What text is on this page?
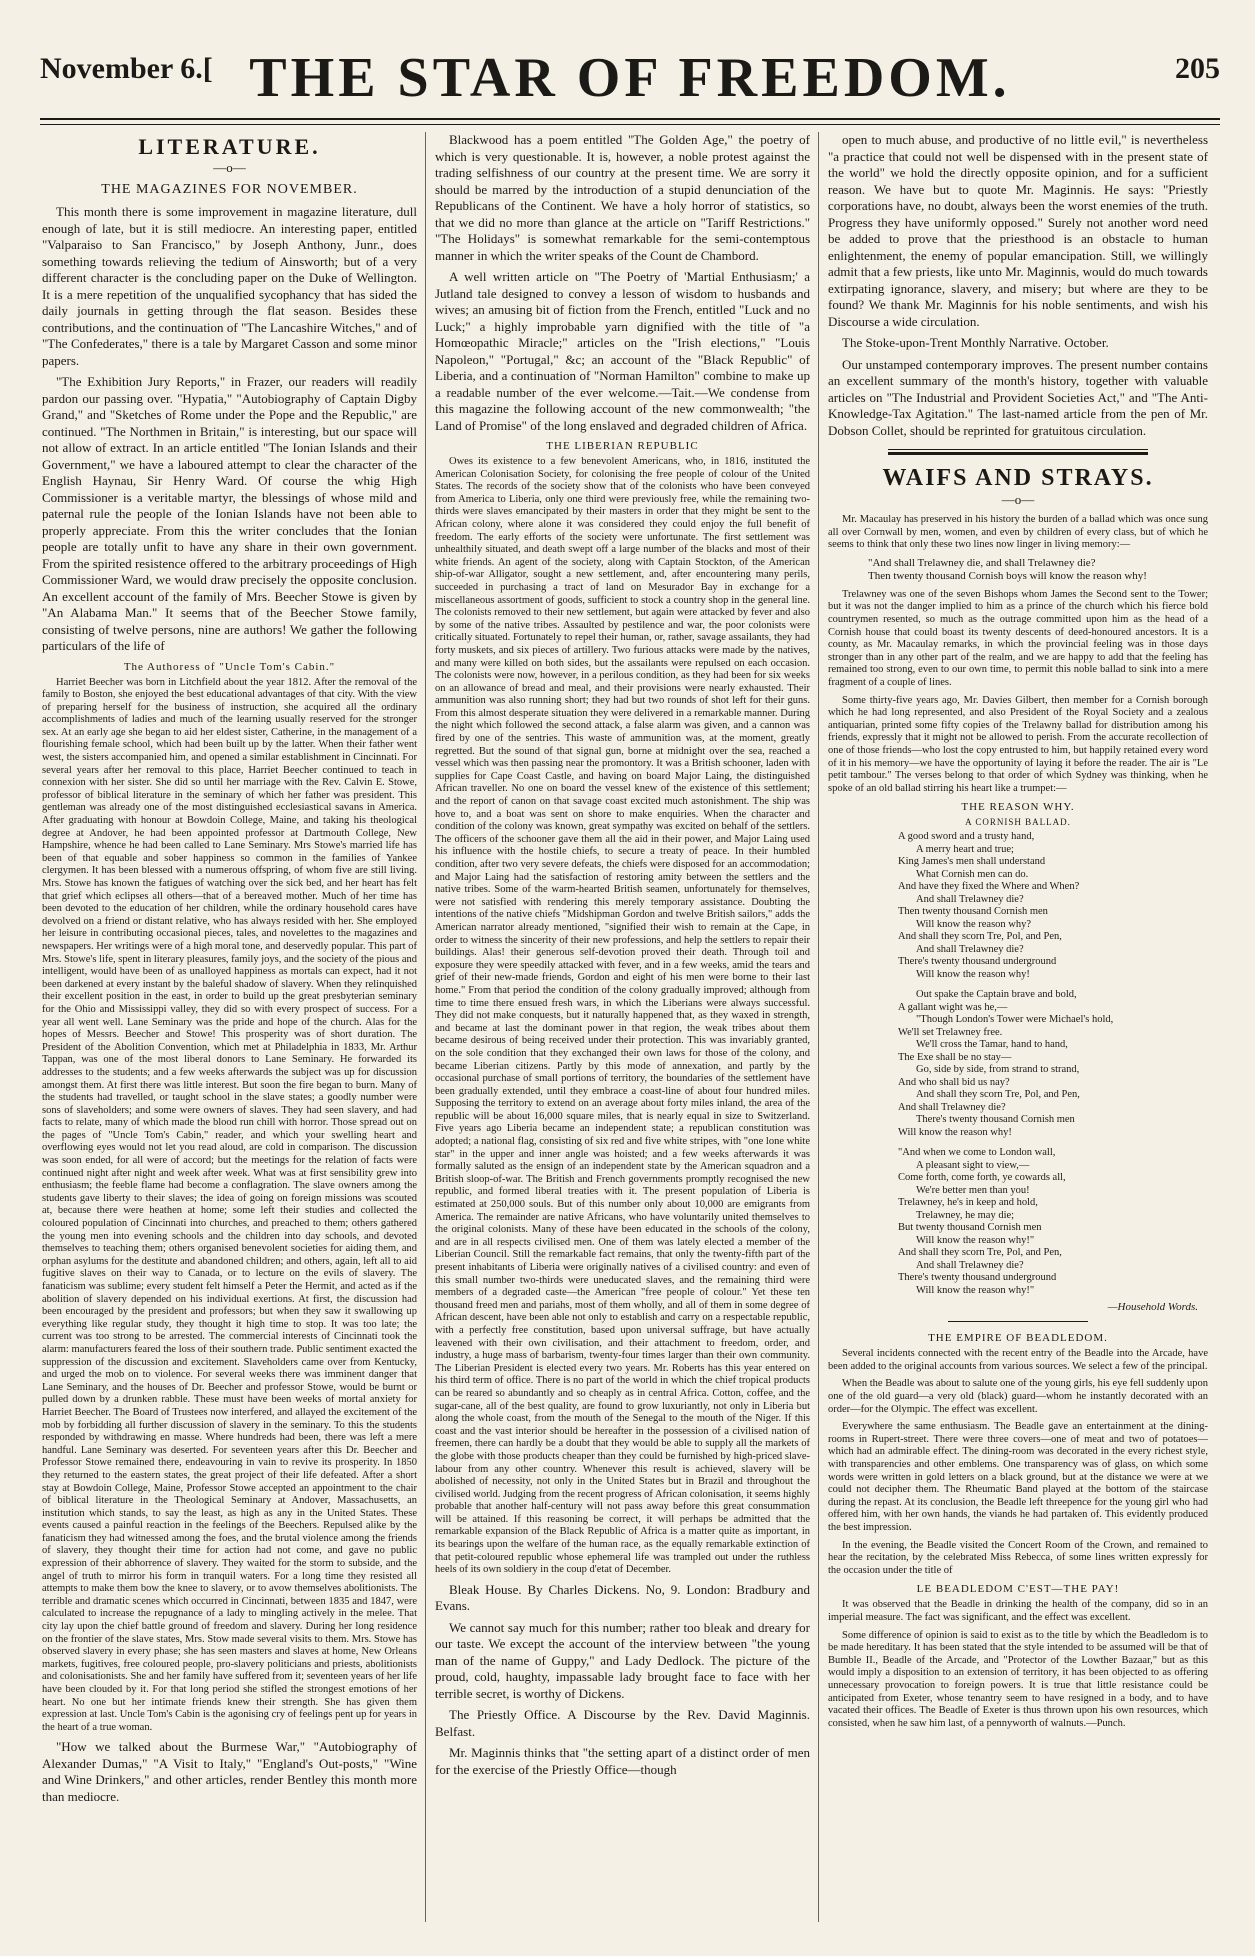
November 6.[ THE STAR OF FREEDOM.	205
LITERATURE.
—o—
THE MAGAZINES FOR NOVEMBER.

This month there is some improvement in magazine literature, dull enough of late, but it is still mediocre. An interesting paper, entitled "Valparaiso to San Francisco," by Joseph Anthony, Junr., does something towards relieving the tedium of Ainsworth; but of a very different character is the concluding paper on the Duke of Wellington. It is a mere repetition of the unqualified sycophancy that has sided the daily journals in getting through the flat season. Besides these contributions, and the continuation of "The Lancashire Witches," and of "The Confederates," there is a tale by Margaret Casson and some minor papers.

"The Exhibition Jury Reports," in Frazer, our readers will readily pardon our passing over. "Hypatia," "Autobiography of Captain Digby Grand," and "Sketches of Rome under the Pope and the Republic," are continued. "The Northmen in Britain," is interesting, but our space will not allow of extract. In an article entitled "The Ionian Islands and their Government," we have a laboured attempt to clear the character of the English Haynau, Sir Henry Ward. Of course the whig High Commissioner is a veritable martyr, the blessings of whose mild and paternal rule the people of the Ionian Islands have not been able to properly appreciate. From this the writer concludes that the Ionian people are totally unfit to have any share in their own government. From the spirited resistence offered to the arbitrary proceedings of High Commissioner Ward, we would draw precisely the opposite conclusion. An excellent account of the family of Mrs. Beecher Stowe is given by "An Alabama Man." It seems that of the Beecher Stowe family, consisting of twelve persons, nine are authors! We gather the following particulars of the life of

The Authoress of "Uncle Tom's Cabin."

Harriet Beecher was born in Litchfield about the year 1812. After the removal of the family to Boston, she enjoyed the best educational advantages of that city. With the view of preparing herself for the business of instruction, she acquired all the ordinary accomplishments of ladies and much of the learning usually reserved for the stronger sex. At an early age she began to aid her eldest sister, Catherine, in the management of a flourishing female school, which had been built up by the latter. When their father went west, the sisters accompanied him, and opened a similar establishment in Cincinnati. For several years after her removal to this place, Harriet Beecher continued to teach in connexion with her sister. She did so until her marriage with the Rev. Calvin E. Stowe, professor of biblical literature in the seminary of which her father was president. This gentleman was already one of the most distinguished ecclesiastical savans in America. After graduating with honour at Bowdoin College, Maine, and taking his theological degree at Andover, he had been appointed professor at Dartmouth College, New Hampshire, whence he had been called to Lane Seminary. Mrs Stowe's married life has been of that equable and sober happiness so common in the families of Yankee clergymen. It has been blessed with a numerous offspring, of whom five are still living. Mrs. Stowe has known the fatigues of watching over the sick bed, and her heart has felt that grief which eclipses all others—that of a bereaved mother. Much of her time has been devoted to the education of her children, while the ordinary household cares have devolved on a friend or distant relative, who has always resided with her. She employed her leisure in contributing occasional pieces, tales, and novelettes to the magazines and newspapers. Her writings were of a high moral tone, and deservedly popular. This part of Mrs. Stowe's life, spent in literary pleasures, family joys, and the society of the pious and intelligent, would have been of as unalloyed happiness as mortals can expect, had it not been darkened at every instant by the baleful shadow of slavery. When they relinquished their excellent position in the east, in order to build up the great presbyterian seminary for the Ohio and Mississippi valley, they did so with every prospect of success. For a year all went well. Lane Seminary was the pride and hope of the church. Alas for the hopes of Messrs. Beecher and Stowe! This prosperity was of short duration. The President of the Abolition Convention, which met at Philadelphia in 1833, Mr. Arthur Tappan, was one of the most liberal donors to Lane Seminary. He forwarded its addresses to the students; and a few weeks afterwards the subject was up for discussion amongst them. At first there was little interest. But soon the fire began to burn. Many of the students had travelled, or taught school in the slave states; a goodly number were sons of slaveholders; and some were owners of slaves. They had seen slavery, and had facts to relate, many of which made the blood run chill with horror. Those spread out on the pages of "Uncle Tom's Cabin," reader, and which your swelling heart and overflowing eyes would not let you read aloud, are cold in comparison. The discussion was soon ended, for all were of accord; but the meetings for the relation of facts were continued night after night and week after week. What was at first sensibility grew into enthusiasm; the feeble flame had become a conflagration. The slave owners among the students gave liberty to their slaves; the idea of going on foreign missions was scouted at, because there were heathen at home; some left their studies and collected the coloured population of Cincinnati into churches, and preached to them; others gathered the young men into evening schools and the children into day schools, and devoted themselves to teaching them; others organised benevolent societies for aiding them, and orphan asylums for the destitute and abandoned children; and others, again, left all to aid fugitive slaves on their way to Canada, or to lecture on the evils of slavery. The fanaticism was sublime; every student felt himself a Peter the Hermit, and acted as if the abolition of slavery depended on his individual exertions. At first, the discussion had been encouraged by the president and professors; but when they saw it swallowing up everything like regular study, they thought it high time to stop. It was too late; the current was too strong to be arrested. The commercial interests of Cincinnati took the alarm: manufacturers feared the loss of their southern trade. Public sentiment exacted the suppression of the discussion and excitement. Slaveholders came over from Kentucky, and urged the mob on to violence. For several weeks there was imminent danger that Lane Seminary, and the houses of Dr. Beecher and professor Stowe, would be burnt or pulled down by a drunken rabble. These must have been weeks of mortal anxiety for Harriet Beecher. The Board of Trustees now interfered, and allayed the excitement of the mob by forbidding all further discussion of slavery in the seminary. To this the students responded by withdrawing en masse. Where hundreds had been, there was left a mere handful. Lane Seminary was deserted. For seventeen years after this Dr. Beecher and Professor Stowe remained there, endeavouring in vain to revive its prosperity. In 1850 they returned to the eastern states, the great project of their life defeated. After a short stay at Bowdoin College, Maine, Professor Stowe accepted an appointment to the chair of biblical literature in the Theological Seminary at Andover, Massachusetts, an institution which stands, to say the least, as high as any in the United States. These events caused a painful reaction in the feelings of the Beechers. Repulsed alike by the fanaticism they had witnessed among the foes, and the brutal violence among the friends of slavery, they thought their time for action had not come, and gave no public expression of their abhorrence of slavery. They waited for the storm to subside, and the angel of truth to mirror his form in tranquil waters. For a long time they resisted all attempts to make them bow the knee to slavery, or to avow themselves abolitionists. The terrible and dramatic scenes which occurred in Cincinnati, between 1835 and 1847, were calculated to increase the repugnance of a lady to mingling actively in the melee. That city lay upon the chief battle ground of freedom and slavery. During her long residence on the frontier of the slave states, Mrs. Stow made several visits to them. Mrs. Stowe has observed slavery in every phase; she has seen masters and slaves at home, New Orleans markets, fugitives, free coloured people, pro-slavery politicians and priests, abolitionists and colonisationists. She and her family have suffered from it; seventeen years of her life have been clouded by it. For that long period she stifled the strongest emotions of her heart. No one but her intimate friends knew their strength. She has given them expression at last. Uncle Tom's Cabin is the agonising cry of feelings pent up for years in the heart of a true woman.

"How we talked about the Burmese War," "Autobiography of Alexander Dumas," "A Visit to Italy," "England's Out-posts," "Wine and Wine Drinkers," and other articles, render Bentley this month more than mediocre.

Blackwood has a poem entitled "The Golden Age," the poetry of which is very questionable. It is, however, a noble protest against the trading selfishness of our country at the present time. We are sorry it should be marred by the introduction of a stupid denunciation of the Republicans of the Continent. We have a holy horror of statistics, so that we did no more than glance at the article on "Tariff Restrictions." "The Holidays" is somewhat remarkable for the semi-contemptous manner in which the writer speaks of the Count de Chambord.

A well written article on "The Poetry of 'Martial Enthusiasm;' a Jutland tale designed to convey a lesson of wisdom to husbands and wives; an amusing bit of fiction from the French, entitled "Luck and no Luck;" a highly improbable yarn dignified with the title of "a Homœopathic Miracle;" articles on the "Irish elections," "Louis Napoleon," "Portugal," &c; an account of the "Black Republic" of Liberia, and a continuation of "Norman Hamilton" combine to make up a readable number of the ever welcome.—Tait.—We condense from this magazine the following account of the new commonwealth; "the Land of Promise" of the long enslaved and degraded children of Africa.

THE LIBERIAN REPUBLIC

Owes its existence to a few benevolent Americans, who, in 1816, instituted the American Colonisation Society, for colonising the free people of colour of the United States. The records of the society show that of the colonists who have been conveyed from America to Liberia, only one third were previously free, while the remaining two-thirds were slaves emancipated by their masters in order that they might be sent to the African colony, where alone it was considered they could enjoy the full benefit of freedom. The early efforts of the society were unfortunate. The first settlement was unhealthily situated, and death swept off a large number of the blacks and most of their white friends. An agent of the society, along with Captain Stockton, of the American ship-of-war Alligator, sought a new settlement, and, after encountering many perils, succeeded in purchasing a tract of land on Mesurador Bay in exchange for a miscellaneous assortment of goods, sufficient to stock a country shop in the general line. The colonists removed to their new settlement, but again were attacked by fever and also by some of the native tribes. Assaulted by pestilence and war, the poor colonists were critically situated. Fortunately to repel their human, or, rather, savage assailants, they had forty muskets, and six pieces of artillery. Two furious attacks were made by the natives, and many were killed on both sides, but the assailants were repulsed on each occasion. The colonists were now, however, in a perilous condition, as they had been for six weeks on an allowance of bread and meal, and their provisions were nearly exhausted. Their ammunition was also running short; they had but two rounds of shot left for their guns. From this almost desperate situation they were delivered in a remarkable manner. During the night which followed the second attack, a false alarm was given, and a cannon was fired by one of the sentries. This waste of ammunition was, at the moment, greatly regretted. But the sound of that signal gun, borne at midnight over the sea, reached a vessel which was then passing near the promontory. It was a British schooner, laden with supplies for Cape Coast Castle, and having on board Major Laing, the distinguished African traveller. No one on board the vessel knew of the existence of this settlement; and the report of canon on that savage coast excited much astonishment. The ship was hove to, and a boat was sent on shore to make enquiries. When the character and condition of the colony was known, great sympathy was excited on behalf of the settlers. The officers of the schooner gave them all the aid in their power, and Major Laing used his influence with the hostile chiefs, to secure a treaty of peace. In their humbled condition, after two very severe defeats, the chiefs were disposed for an accommodation; and Major Laing had the satisfaction of restoring amity between the settlers and the native tribes. Some of the warm-hearted British seamen, unfortunately for themselves, were not satisfied with rendering this merely temporary assistance. Doubting the intentions of the native chiefs "Midshipman Gordon and twelve British sailors," adds the American narrator already mentioned, "signified their wish to remain at the Cape, in order to witness the sincerity of their new professions, and help the settlers to repair their buildings. Alas! their generous self-devotion proved their death. Through toil and exposure they were speedily attacked with fever, and in a few weeks, amid the tears and grief of their new-made friends, Gordon and eight of his men were borne to their last home." From that period the condition of the colony gradually improved; although from time to time there ensued fresh wars, in which the Liberians were always successful. They did not make conquests, but it naturally happened that, as they waxed in strength, and became at last the dominant power in that region, the weak tribes about them became desirous of being received under their protection. This was invariably granted, on the sole condition that they exchanged their own laws for those of the colony, and became Liberian citizens. Partly by this mode of annexation, and partly by the occasional purchase of small portions of territory, the boundaries of the settlement have been gradually extended, until they embrace a coast-line of about four hundred miles. Supposing the territory to extend on an average about forty miles inland, the area of the republic will be about 16,000 square miles, that is nearly equal in size to Switzerland. Five years ago Liberia became an independent state; a republican constitution was adopted; a national flag, consisting of six red and five white stripes, with "one lone white star" in the upper and inner angle was hoisted; and a few weeks afterwards it was formally saluted as the ensign of an independent state by the American squadron and a British sloop-of-war. The British and French governments promptly recognised the new republic, and formed liberal treaties with it. The present population of Liberia is estimated at 250,000 souls. But of this number only about 10,000 are emigrants from America. The remainder are native Africans, who have voluntarily united themselves to the original colonists. Many of these have been educated in the schools of the colony, and are in all respects civilised men. One of them was lately elected a member of the Liberian Council. Still the remarkable fact remains, that only the twenty-fifth part of the present inhabitants of Liberia were originally natives of a civilised country: and even of this small number two-thirds were uneducated slaves, and the remaining third were members of a degraded caste—the American "free people of colour." Yet these ten thousand freed men and pariahs, most of them wholly, and all of them in some degree of African descent, have been able not only to establish and carry on a respectable republic, with a perfectly free constitution, based upon universal suffrage, but have actually leavened with their own civilisation, and their attachment to freedom, order, and industry, a huge mass of barbarism, twenty-four times larger than their own community. The Liberian President is elected every two years. Mr. Roberts has this year entered on his third term of office. There is no part of the world in which the chief tropical products can be reared so abundantly and so cheaply as in central Africa. Cotton, coffee, and the sugar-cane, all of the best quality, are found to grow luxuriantly, not only in Liberia but along the whole coast, from the mouth of the Senegal to the mouth of the Niger. If this coast and the vast interior should be hereafter in the possession of a civilised nation of freemen, there can hardly be a doubt that they would be able to supply all the markets of the globe with those products cheaper than they could be furnished by high-priced slave-labour from any other country. Whenever this result is achieved, slavery will be abolished of necessity, not only in the United States but in Brazil and throughout the civilised world. Judging from the recent progress of African colonisation, it seems highly probable that another half-century will not pass away before this great consummation will be attained. If this reasoning be correct, it will perhaps be admitted that the remarkable expansion of the Black Republic of Africa is a matter quite as important, in its bearings upon the welfare of the human race, as the equally remarkable extinction of that petit-coloured republic whose ephemeral life was trampled out under the ruthless heels of its own soldiery in the coup d'etat of December.

Bleak House. By Charles Dickens. No, 9. London: Bradbury and Evans.

We cannot say much for this number; rather too bleak and dreary for our taste. We except the account of the interview between "the young man of the name of Guppy," and Lady Dedlock. The picture of the proud, cold, haughty, impassable lady brought face to face with her terrible secret, is worthy of Dickens.

The Priestly Office. A Discourse by the Rev. David Maginnis. Belfast.

Mr. Maginnis thinks that "the setting apart of a distinct order of men for the exercise of the Priestly Office—though

open to much abuse, and productive of no little evil," is nevertheless "a practice that could not well be dispensed with in the present state of the world" we hold the directly opposite opinion, and for a sufficient reason. We have but to quote Mr. Maginnis. He says: "Priestly corporations have, no doubt, always been the worst enemies of the truth. Progress they have uniformly opposed." Surely not another word need be added to prove that the priesthood is an obstacle to human enlightenment, the enemy of popular emancipation. Still, we willingly admit that a few priests, like unto Mr. Maginnis, would do much towards extirpating ignorance, slavery, and misery; but where are they to be found? We thank Mr. Maginnis for his noble sentiments, and wish his Discourse a wide circulation.

The Stoke-upon-Trent Monthly Narrative. October.

Our unstamped contemporary improves. The present number contains an excellent summary of the month's history, together with valuable articles on "The Industrial and Provident Societies Act," and "The Anti-Knowledge-Tax Agitation." The last-named article from the pen of Mr. Dobson Collet, should be reprinted for gratuitous circulation.

WAIFS AND STRAYS.
—o—

Mr. Macaulay has preserved in his history the burden of a ballad which was once sung all over Cornwall by men, women, and even by children of every class, but of which he seems to think that only these two lines now linger in living memory:—

"And shall Trelawney die, and shall Trelawney die?
Then twenty thousand Cornish boys will know the reason why!

Trelawney was one of the seven Bishops whom James the Second sent to the Tower; but it was not the danger implied to him as a prince of the church which his fierce bold countrymen resented, so much as the outrage committed upon him as the head of a Cornish house that could boast its twenty descents of deed-honoured ancestors. It is a county, as Mr. Macaulay remarks, in which the provincial feeling was in those days stronger than in any other part of the realm, and we are happy to add that the feeling has remained too strong, even to our own time, to permit this noble ballad to sink into a mere fragment of a couple of lines.

Some thirty-five years ago, Mr. Davies Gilbert, then member for a Cornish borough which he had long represented, and also President of the Royal Society and a zealous antiquarian, printed some fifty copies of the Trelawny ballad for distribution among his friends, expressly that it might not be allowed to perish. From the accurate recollection of one of those friends—who lost the copy entrusted to him, but happily retained every word of it in his memory—we have the opportunity of laying it before the reader. The air is "Le petit tambour." The verses belong to that order of which Sydney was thinking, when he spoke of an old ballad stirring his heart like a trumpet:—

THE REASON WHY.
A CORNISH BALLAD.
A good sword and a trusty hand,
A merry heart and true;
King James's men shall understand
What Cornish men can do.
And have they fixed the Where and When?
And shall Trelawney die?
Then twenty thousand Cornish men
Will know the reason why?
And shall they scorn Tre, Pol, and Pen,
And shall Trelawney die?
There's twenty thousand underground
Will know the reason why!
Out spake the Captain brave and bold,
A gallant wight was he,—
"Though London's Tower were Michael's hold,
We'll set Trelawney free.
We'll cross the Tamar, hand to hand,
The Exe shall be no stay—
Go, side by side, from strand to strand,
And who shall bid us nay?
And shall they scorn Tre, Pol, and Pen,
And shall Trelawney die?
There's twenty thousand Cornish men
Will know the reason why!
"And when we come to London wall,
A pleasant sight to view,—
Come forth, come forth, ye cowards all,
We're better men than you!
Trelawney, he's in keep and hold,
Trelawney, he may die;
But twenty thousand Cornish men
Will know the reason why!"
And shall they scorn Tre, Pol, and Pen,
And shall Trelawney die?
There's twenty thousand underground
Will know the reason why!"
—Household Words.
THE EMPIRE OF BEADLEDOM.

Several incidents connected with the recent entry of the Beadle into the Arcade, have been added to the original accounts from various sources. We select a few of the principal.

When the Beadle was about to salute one of the young girls, his eye fell suddenly upon one of the old guard—a very old (black) guard—whom he instantly decorated with an order—for the Olympic. The effect was excellent.

Everywhere the same enthusiasm. The Beadle gave an entertainment at the dining-rooms in Rupert-street. There were three covers—one of meat and two of potatoes—which had an admirable effect. The dining-room was decorated in the every richest style, with transparencies and other emblems. One transparency was of glass, on which some words were written in gold letters on a black ground, but at the distance we were at we could not decipher them. The Rheumatic Band played at the bottom of the staircase during the repast. At its conclusion, the Beadle left threepence for the young girl who had offered him, with her own hands, the viands he had partaken of. This evidently produced the best impression.

In the evening, the Beadle visited the Concert Room of the Crown, and remained to hear the recitation, by the celebrated Miss Rebecca, of some lines written expressly for the occasion under the title of

LE BEADLEDOM C'EST—THE PAY!

It was observed that the Beadle in drinking the health of the company, did so in an imperial measure. The fact was significant, and the effect was excellent.

Some difference of opinion is said to exist as to the title by which the Beadledom is to be made hereditary. It has been stated that the style intended to be assumed will be that of Bumble II., Beadle of the Arcade, and "Protector of the Lowther Bazaar," but as this would imply a disposition to an extension of territory, it has been objected to as offering unnecessary provocation to foreign powers. It is true that little resistance could be anticipated from Exeter, whose tenantry seem to have resigned in a body, and to have vacated their offices. The Beadle of Exeter is thus thrown upon his own resources, which consisted, when he saw him last, of a pennyworth of walnuts.—Punch.
